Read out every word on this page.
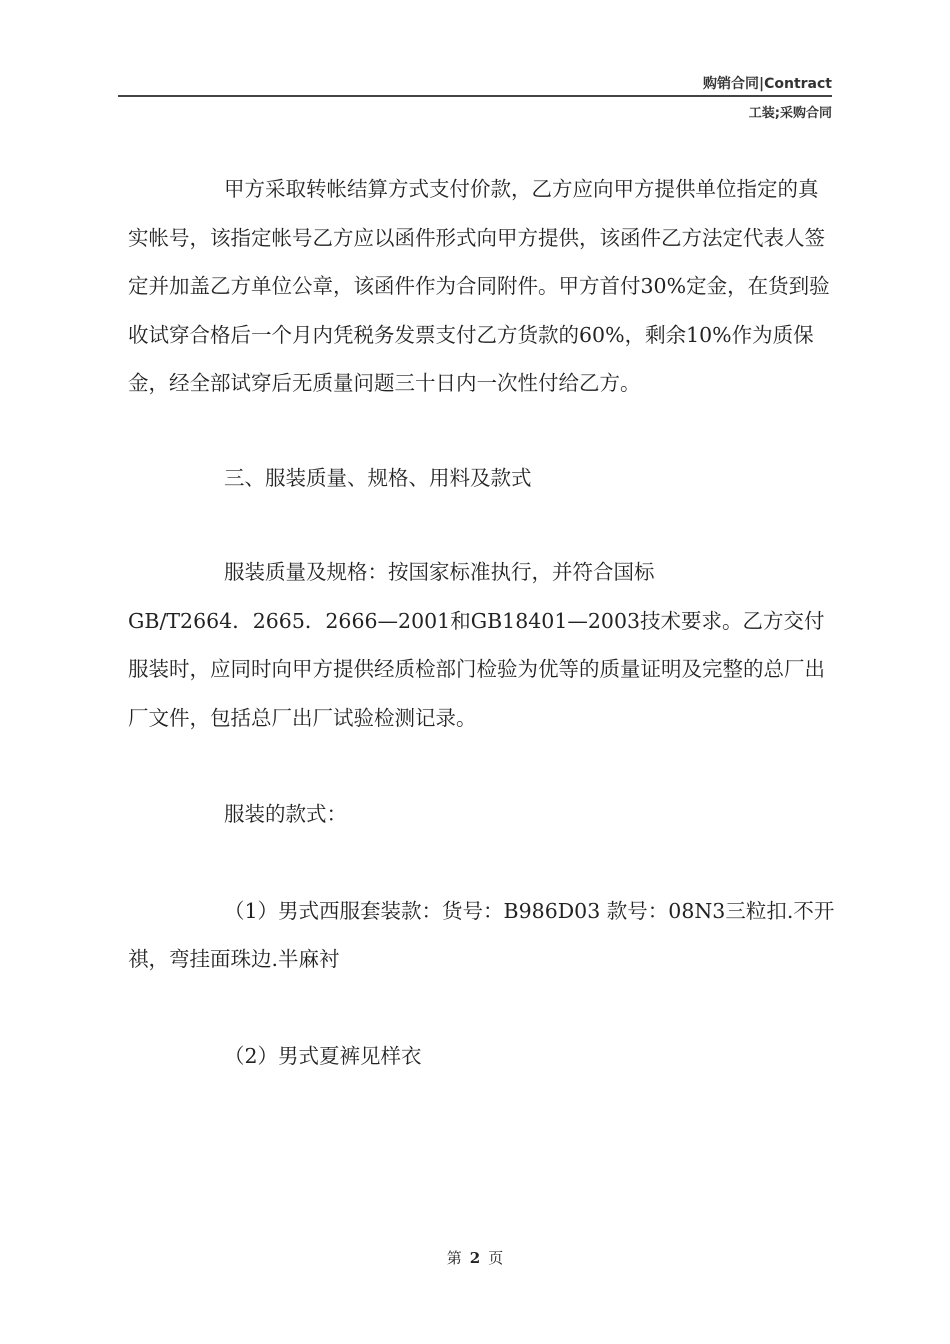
购销合同|Contract
工装;采购合同

甲方采取转帐结算方式支付价款，乙方应向甲方提供单位指定的真实帐号，该指定帐号乙方应以函件形式向甲方提供，该函件乙方法定代表人签定并加盖乙方单位公章，该函件作为合同附件。甲方首付30%定金，在货到验收试穿合格后一个月内凭税务发票支付乙方货款的60%，剩余10%作为质保金，经全部试穿后无质量问题三十日内一次性付给乙方。

三、服装质量、规格、用料及款式

服装质量及规格：按国家标准执行，并符合国标

GB/T2664．2665．2666—2001和GB18401—2003技术要求。乙方交付服装时，应同时向甲方提供经质检部门检验为优等的质量证明及完整的总厂出厂文件，包括总厂出厂试验检测记录。

服装的款式：

（1）男式西服套装款：货号：B986D03 款号：08N3三粒扣.不开祺，弯挂面珠边.半麻衬

（2）男式夏裤见样衣

第 2 页
